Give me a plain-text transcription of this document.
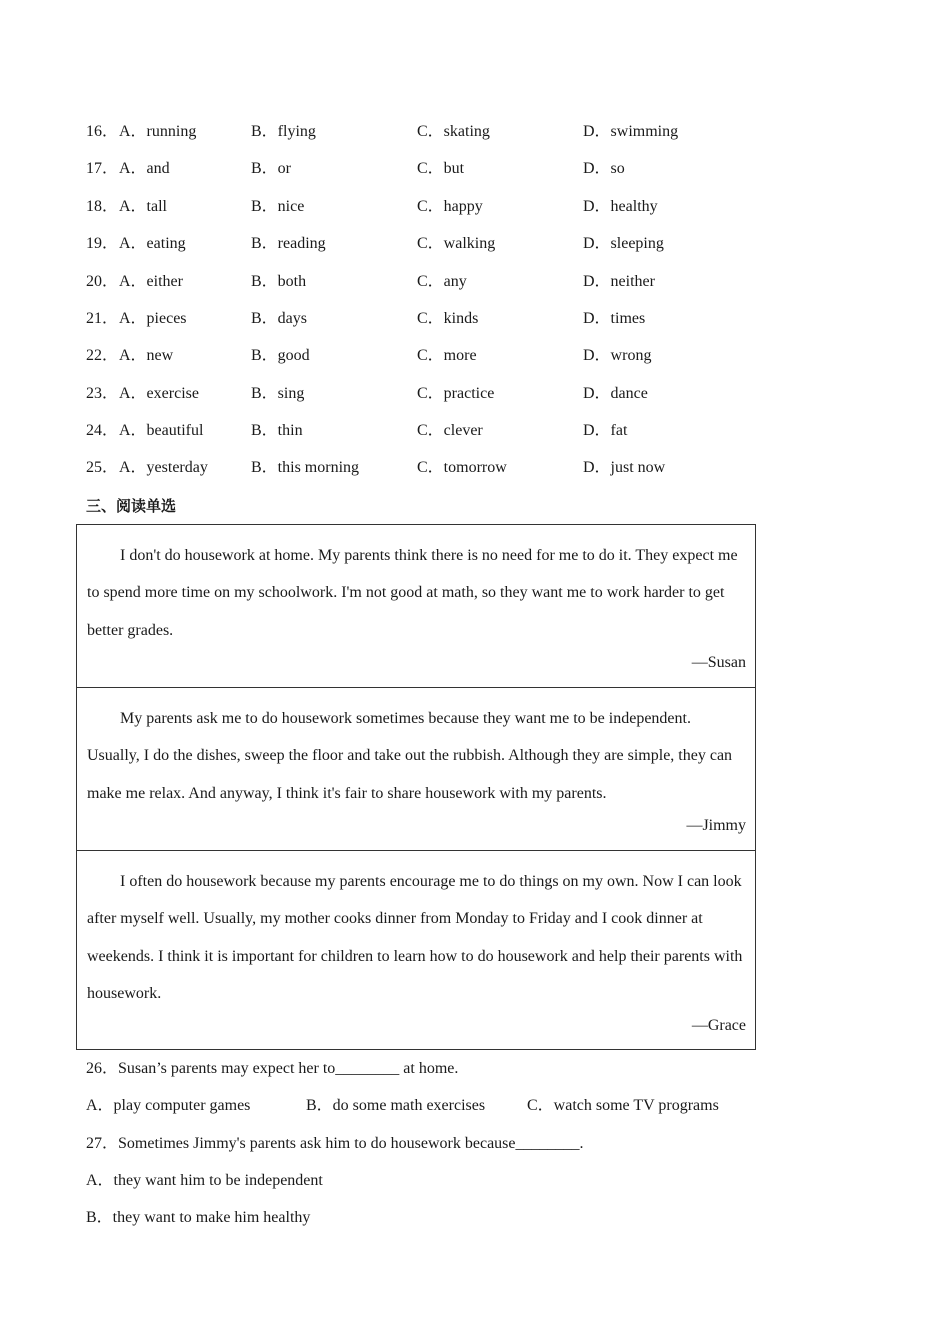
16． A．running	B．flying	C．skating	D．swimming
17． A．and	B．or	C．but	D．so
18． A．tall	B．nice	C．happy	D．healthy
19． A．eating	B．reading	C．walking	D．sleeping
20． A．either	B．both	C．any	D．neither
21． A．pieces	B．days	C．kinds	D．times
22． A．new	B．good	C．more	D．wrong
23． A．exercise	B．sing	C．practice	D．dance
24． A．beautiful	B．thin	C．clever	D．fat
25． A．yesterday	B．this morning	C．tomorrow	D．just now
三、阅读单选

I don't do housework at home. My parents think there is no need for me to do it. They expect me to spend more time on my schoolwork. I'm not good at math, so they want me to work harder to get better grades.

—Susan

My parents ask me to do housework sometimes because they want me to be independent. Usually, I do the dishes, sweep the floor and take out the rubbish. Although they are simple, they can make me relax. And anyway, I think it's fair to share housework with my parents.

—Jimmy

I often do housework because my parents encourage me to do things on my own. Now I can look after myself well. Usually, my mother cooks dinner from Monday to Friday and I cook dinner at weekends. I think it is important for children to learn how to do housework and help their parents with housework.

—Grace
26．Susan’s parents may expect her to________ at home.
A．play computer games	B．do some math exercises	C．watch some TV programs
27．Sometimes Jimmy's parents ask him to do housework because________.
A．they want him to be independent
B．they want to make him healthy
